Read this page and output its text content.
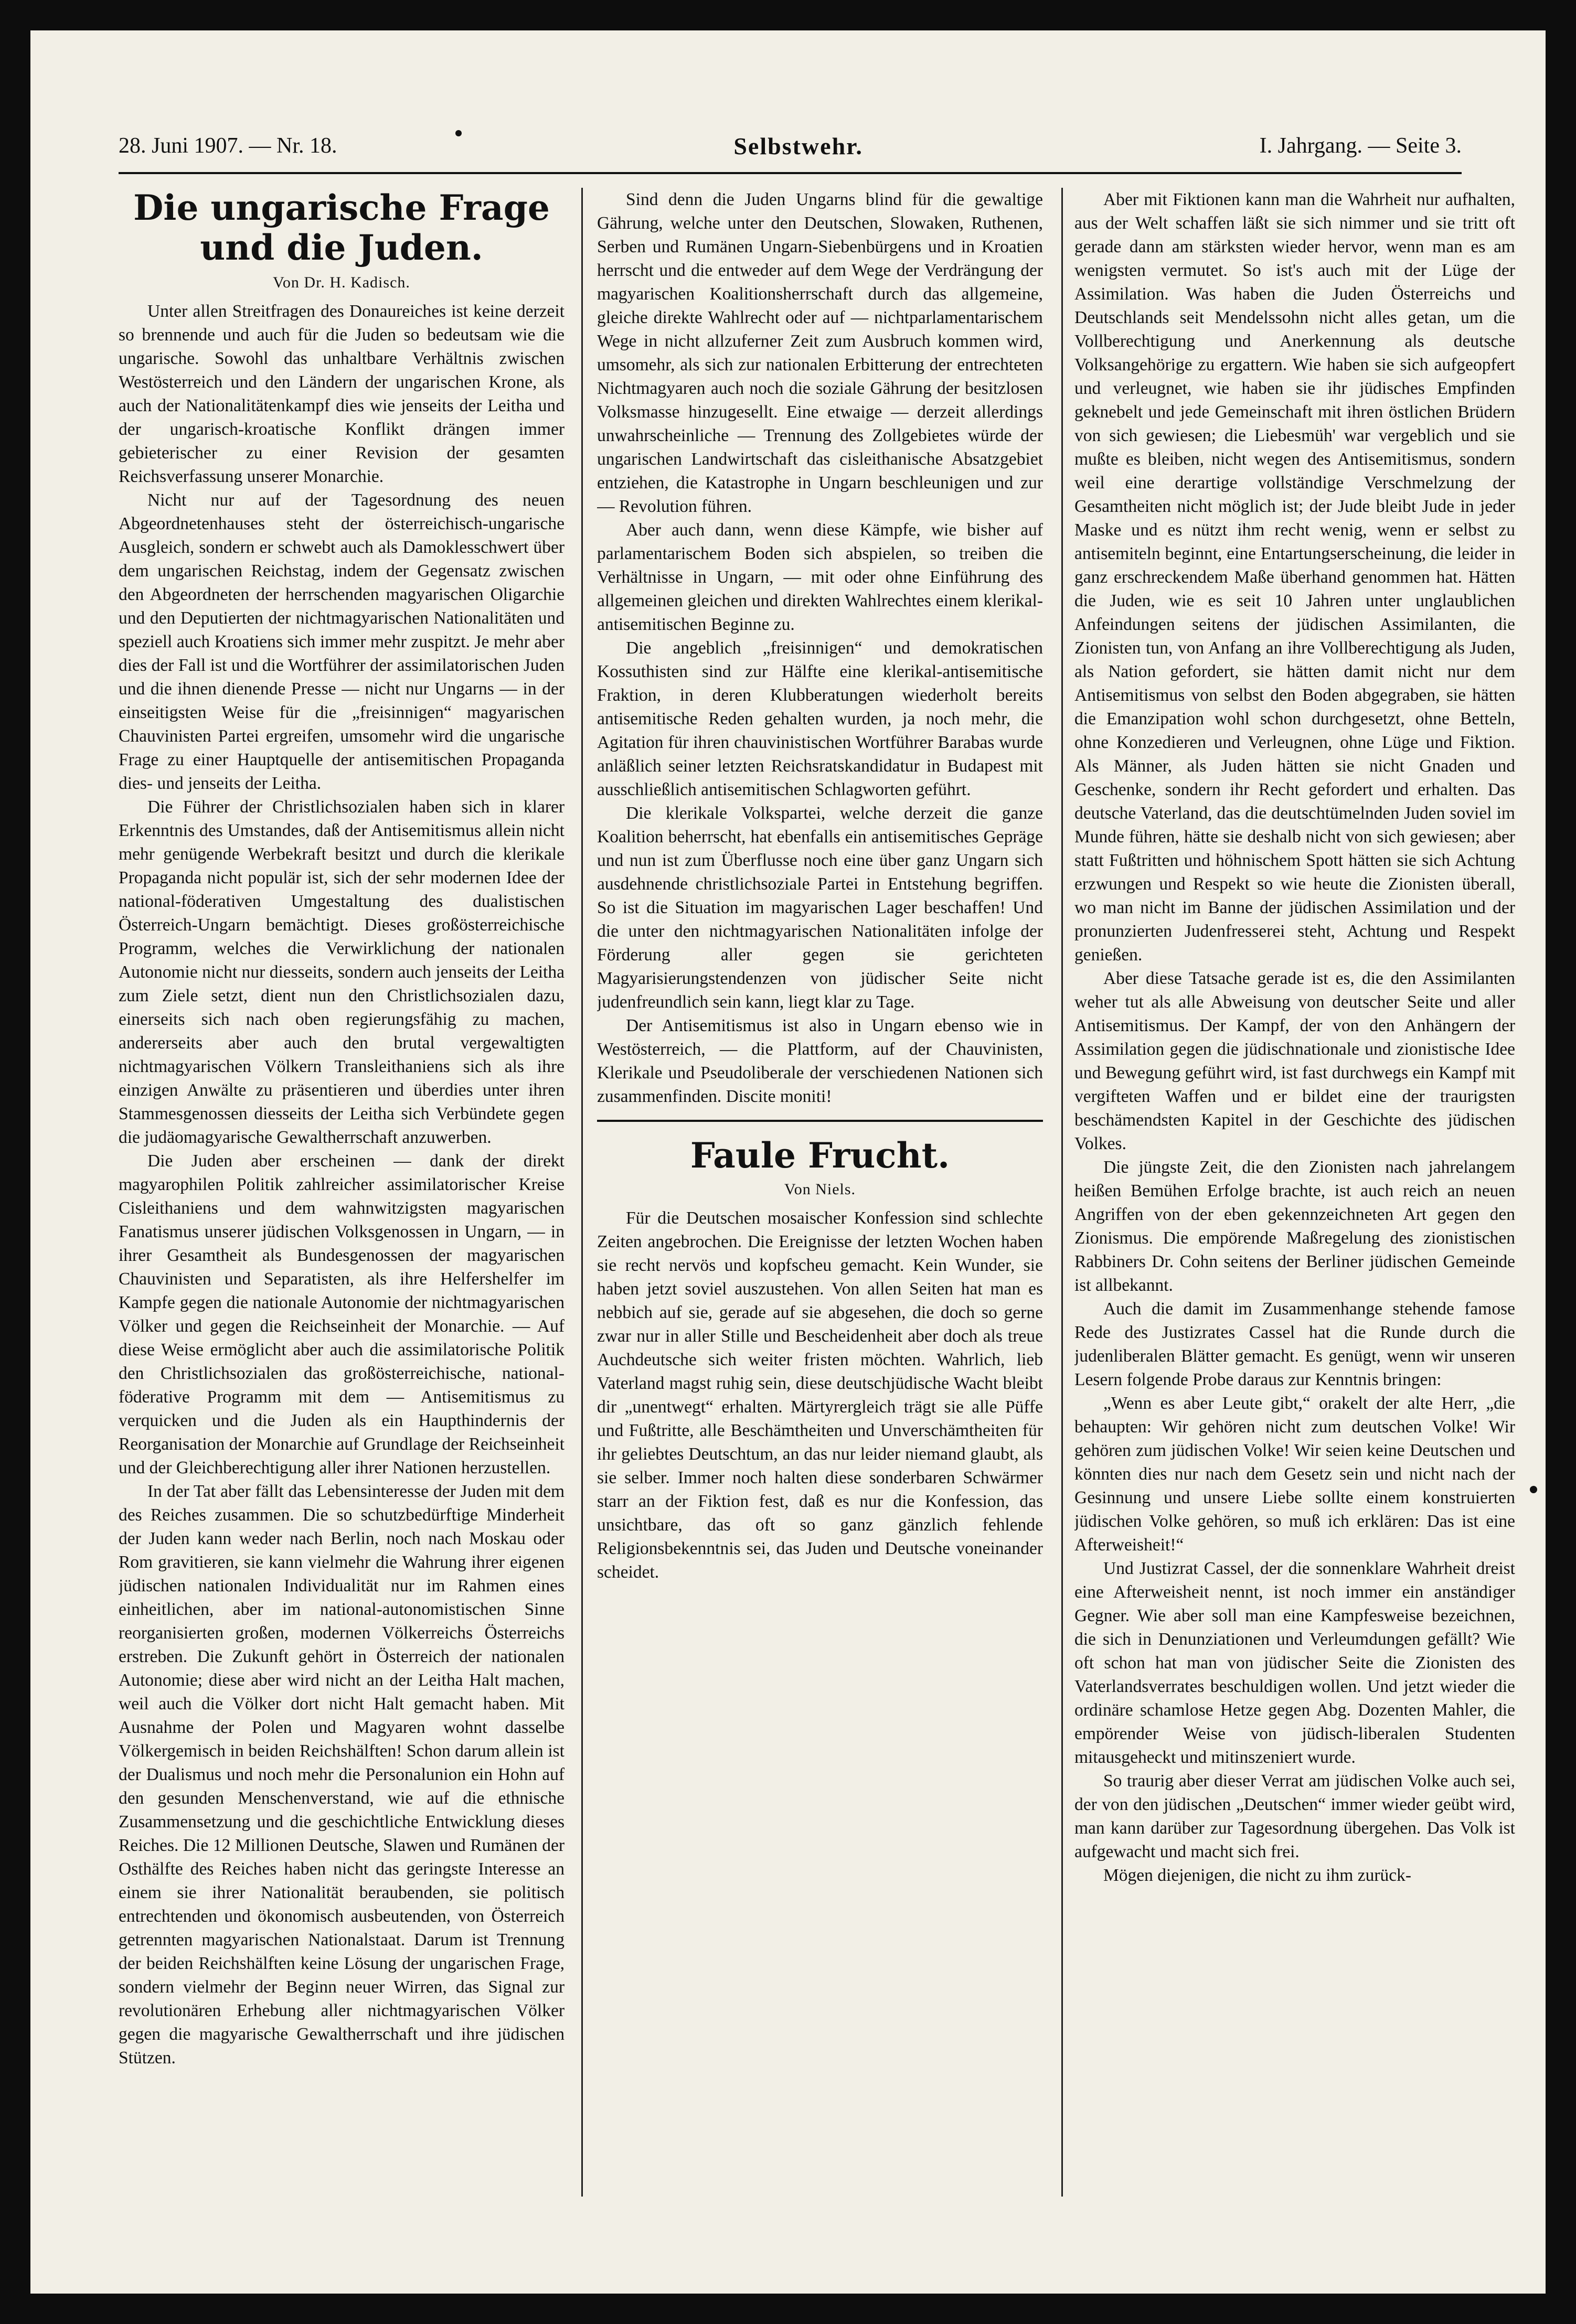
28. Juni 1907. — Nr. 18.	Selbstwehr.	I. Jahrgang. — Seite 3.
Die ungarische Frage und die Juden.
Von Dr. H. Kadisch.

Unter allen Streitfragen des Donaureiches ist keine derzeit so brennende und auch für die Juden so bedeutsam wie die ungarische. Sowohl das unhaltbare Verhältnis zwischen Westösterreich und den Ländern der ungarischen Krone, als auch der Nationalitätenkampf dies wie jenseits der Leitha und der ungarisch-kroatische Konflikt drängen immer gebieterischer zu einer Revision der gesamten Reichsverfassung unserer Monarchie.

Nicht nur auf der Tagesordnung des neuen Abgeordnetenhauses steht der österreichisch-ungarische Ausgleich, sondern er schwebt auch als Damoklesschwert über dem ungarischen Reichstag, indem der Gegensatz zwischen den Abgeordneten der herrschenden magyarischen Oligarchie und den Deputierten der nichtmagyarischen Nationalitäten und speziell auch Kroatiens sich immer mehr zuspitzt. Je mehr aber dies der Fall ist und die Wortführer der assimilatorischen Juden und die ihnen dienende Presse — nicht nur Ungarns — in der einseitigsten Weise für die „freisinnigen“ magyarischen Chauvinisten Partei ergreifen, umsomehr wird die ungarische Frage zu einer Hauptquelle der antisemitischen Propaganda dies- und jenseits der Leitha.

Die Führer der Christlichsozialen haben sich in klarer Erkenntnis des Umstandes, daß der Antisemitismus allein nicht mehr genügende Werbekraft besitzt und durch die klerikale Propaganda nicht populär ist, sich der sehr modernen Idee der national-föderativen Umgestaltung des dualistischen Österreich-Ungarn bemächtigt. Dieses großösterreichische Programm, welches die Verwirklichung der nationalen Autonomie nicht nur diesseits, sondern auch jenseits der Leitha zum Ziele setzt, dient nun den Christlichsozialen dazu, einerseits sich nach oben regierungsfähig zu machen, andererseits aber auch den brutal vergewaltigten nichtmagyarischen Völkern Transleithaniens sich als ihre einzigen Anwälte zu präsentieren und überdies unter ihren Stammesgenossen diesseits der Leitha sich Verbündete gegen die judäomagyarische Gewaltherrschaft anzuwerben.

Die Juden aber erscheinen — dank der direkt magyarophilen Politik zahlreicher assimilatorischer Kreise Cisleithaniens und dem wahnwitzigsten magyarischen Fanatismus unserer jüdischen Volksgenossen in Ungarn, — in ihrer Gesamtheit als Bundesgenossen der magyarischen Chauvinisten und Separatisten, als ihre Helfershelfer im Kampfe gegen die nationale Autonomie der nichtmagyarischen Völker und gegen die Reichseinheit der Monarchie. — Auf diese Weise ermöglicht aber auch die assimilatorische Politik den Christlichsozialen das großösterreichische, national-föderative Programm mit dem — Antisemitismus zu verquicken und die Juden als ein Haupthindernis der Reorganisation der Monarchie auf Grundlage der Reichseinheit und der Gleichberechtigung aller ihrer Nationen herzustellen.

In der Tat aber fällt das Lebensinteresse der Juden mit dem des Reiches zusammen. Die so schutzbedürftige Minderheit der Juden kann weder nach Berlin, noch nach Moskau oder Rom gravitieren, sie kann vielmehr die Wahrung ihrer eigenen jüdischen nationalen Individualität nur im Rahmen eines einheitlichen, aber im national-autonomistischen Sinne reorganisierten großen, modernen Völkerreichs Österreichs erstreben. Die Zukunft gehört in Österreich der nationalen Autonomie; diese aber wird nicht an der Leitha Halt machen, weil auch die Völker dort nicht Halt gemacht haben. Mit Ausnahme der Polen und Magyaren wohnt dasselbe Völkergemisch in beiden Reichshälften! Schon darum allein ist der Dualismus und noch mehr die Personalunion ein Hohn auf den gesunden Menschenverstand, wie auf die ethnische Zusammensetzung und die geschichtliche Entwicklung dieses Reiches. Die 12 Millionen Deutsche, Slawen und Rumänen der Osthälfte des Reiches haben nicht das geringste Interesse an einem sie ihrer Nationalität beraubenden, sie politisch entrechtenden und ökonomisch ausbeutenden, von Österreich getrennten magyarischen Nationalstaat. Darum ist Trennung der beiden Reichshälften keine Lösung der ungarischen Frage, sondern vielmehr der Beginn neuer Wirren, das Signal zur revolutionären Erhebung aller nichtmagyarischen Völker gegen die magyarische Gewaltherrschaft und ihre jüdischen Stützen.

Sind denn die Juden Ungarns blind für die gewaltige Gährung, welche unter den Deutschen, Slowaken, Ruthenen, Serben und Rumänen Ungarn-Siebenbürgens und in Kroatien herrscht und die entweder auf dem Wege der Verdrängung der magyarischen Koalitionsherrschaft durch das allgemeine, gleiche direkte Wahlrecht oder auf — nichtparlamentarischem Wege in nicht allzuferner Zeit zum Ausbruch kommen wird, umsomehr, als sich zur nationalen Erbitterung der entrechteten Nichtmagyaren auch noch die soziale Gährung der besitzlosen Volksmasse hinzugesellt. Eine etwaige — derzeit allerdings unwahrscheinliche — Trennung des Zollgebietes würde der ungarischen Landwirtschaft das cisleithanische Absatzgebiet entziehen, die Katastrophe in Ungarn beschleunigen und zur — Revolution führen.

Aber auch dann, wenn diese Kämpfe, wie bisher auf parlamentarischem Boden sich abspielen, so treiben die Verhältnisse in Ungarn, — mit oder ohne Einführung des allgemeinen gleichen und direkten Wahlrechtes einem klerikal-antisemitischen Beginne zu.

Die angeblich „freisinnigen“ und demokratischen Kossuthisten sind zur Hälfte eine klerikal-antisemitische Fraktion, in deren Klubberatungen wiederholt bereits antisemitische Reden gehalten wurden, ja noch mehr, die Agitation für ihren chauvinistischen Wortführer Barabas wurde anläßlich seiner letzten Reichsratskandidatur in Budapest mit ausschließlich antisemitischen Schlagworten geführt.

Die klerikale Volkspartei, welche derzeit die ganze Koalition beherrscht, hat ebenfalls ein antisemitisches Gepräge und nun ist zum Überflusse noch eine über ganz Ungarn sich ausdehnende christlichsoziale Partei in Entstehung begriffen. So ist die Situation im magyarischen Lager beschaffen! Und die unter den nichtmagyarischen Nationalitäten infolge der Förderung aller gegen sie gerichteten Magyarisierungstendenzen von jüdischer Seite nicht judenfreundlich sein kann, liegt klar zu Tage.

Der Antisemitismus ist also in Ungarn ebenso wie in Westösterreich, — die Plattform, auf der Chauvinisten, Klerikale und Pseudoliberale der verschiedenen Nationen sich zusammenfinden. Discite moniti!

Faule Frucht.
Von Niels.

Für die Deutschen mosaischer Konfession sind schlechte Zeiten angebrochen. Die Ereignisse der letzten Wochen haben sie recht nervös und kopfscheu gemacht. Kein Wunder, sie haben jetzt soviel auszustehen. Von allen Seiten hat man es nebbich auf sie, gerade auf sie abgesehen, die doch so gerne zwar nur in aller Stille und Bescheidenheit aber doch als treue Auchdeutsche sich weiter fristen möchten. Wahrlich, lieb Vaterland magst ruhig sein, diese deutschjüdische Wacht bleibt dir „unentwegt“ erhalten. Märtyrergleich trägt sie alle Püffe und Fußtritte, alle Beschämtheiten und Unverschämtheiten für ihr geliebtes Deutschtum, an das nur leider niemand glaubt, als sie selber. Immer noch halten diese sonderbaren Schwärmer starr an der Fiktion fest, daß es nur die Konfession, das unsichtbare, das oft so ganz gänzlich fehlende Religionsbekenntnis sei, das Juden und Deutsche voneinander scheidet.

Aber mit Fiktionen kann man die Wahrheit nur aufhalten, aus der Welt schaffen läßt sie sich nimmer und sie tritt oft gerade dann am stärksten wieder hervor, wenn man es am wenigsten vermutet. So ist's auch mit der Lüge der Assimilation. Was haben die Juden Österreichs und Deutschlands seit Mendelssohn nicht alles getan, um die Vollberechtigung und Anerkennung als deutsche Volksangehörige zu ergattern. Wie haben sie sich aufgeopfert und verleugnet, wie haben sie ihr jüdisches Empfinden geknebelt und jede Gemeinschaft mit ihren östlichen Brüdern von sich gewiesen; die Liebesmüh' war vergeblich und sie mußte es bleiben, nicht wegen des Antisemitismus, sondern weil eine derartige vollständige Verschmelzung der Gesamtheiten nicht möglich ist; der Jude bleibt Jude in jeder Maske und es nützt ihm recht wenig, wenn er selbst zu antisemiteln beginnt, eine Entartungserscheinung, die leider in ganz erschreckendem Maße überhand genommen hat. Hätten die Juden, wie es seit 10 Jahren unter unglaublichen Anfeindungen seitens der jüdischen Assimilanten, die Zionisten tun, von Anfang an ihre Vollberechtigung als Juden, als Nation gefordert, sie hätten damit nicht nur dem Antisemitismus von selbst den Boden abgegraben, sie hätten die Emanzipation wohl schon durchgesetzt, ohne Betteln, ohne Konzedieren und Verleugnen, ohne Lüge und Fiktion. Als Männer, als Juden hätten sie nicht Gnaden und Geschenke, sondern ihr Recht gefordert und erhalten. Das deutsche Vaterland, das die deutschtümelnden Juden soviel im Munde führen, hätte sie deshalb nicht von sich gewiesen; aber statt Fußtritten und höhnischem Spott hätten sie sich Achtung erzwungen und Respekt so wie heute die Zionisten überall, wo man nicht im Banne der jüdischen Assimilation und der pronunzierten Judenfresserei steht, Achtung und Respekt genießen.

Aber diese Tatsache gerade ist es, die den Assimilanten weher tut als alle Abweisung von deutscher Seite und aller Antisemitismus. Der Kampf, der von den Anhängern der Assimilation gegen die jüdischnationale und zionistische Idee und Bewegung geführt wird, ist fast durchwegs ein Kampf mit vergifteten Waffen und er bildet eine der traurigsten beschämendsten Kapitel in der Geschichte des jüdischen Volkes.

Die jüngste Zeit, die den Zionisten nach jahrelangem heißen Bemühen Erfolge brachte, ist auch reich an neuen Angriffen von der eben gekennzeichneten Art gegen den Zionismus. Die empörende Maßregelung des zionistischen Rabbiners Dr. Cohn seitens der Berliner jüdischen Gemeinde ist allbekannt.

Auch die damit im Zusammenhange stehende famose Rede des Justizrates Cassel hat die Runde durch die judenliberalen Blätter gemacht. Es genügt, wenn wir unseren Lesern folgende Probe daraus zur Kenntnis bringen:

„Wenn es aber Leute gibt,“ orakelt der alte Herr, „die behaupten: Wir gehören nicht zum deutschen Volke! Wir gehören zum jüdischen Volke! Wir seien keine Deutschen und könnten dies nur nach dem Gesetz sein und nicht nach der Gesinnung und unsere Liebe sollte einem konstruierten jüdischen Volke gehören, so muß ich erklären: Das ist eine Afterweisheit!“

Und Justizrat Cassel, der die sonnenklare Wahrheit dreist eine Afterweisheit nennt, ist noch immer ein anständiger Gegner. Wie aber soll man eine Kampfesweise bezeichnen, die sich in Denunziationen und Verleumdungen gefällt? Wie oft schon hat man von jüdischer Seite die Zionisten des Vaterlandsverrates beschuldigen wollen. Und jetzt wieder die ordinäre schamlose Hetze gegen Abg. Dozenten Mahler, die empörender Weise von jüdisch-liberalen Studenten mitausgeheckt und mitinszeniert wurde.

So traurig aber dieser Verrat am jüdischen Volke auch sei, der von den jüdischen „Deutschen“ immer wieder geübt wird, man kann darüber zur Tagesordnung übergehen. Das Volk ist aufgewacht und macht sich frei.

Mögen diejenigen, die nicht zu ihm zurück-
